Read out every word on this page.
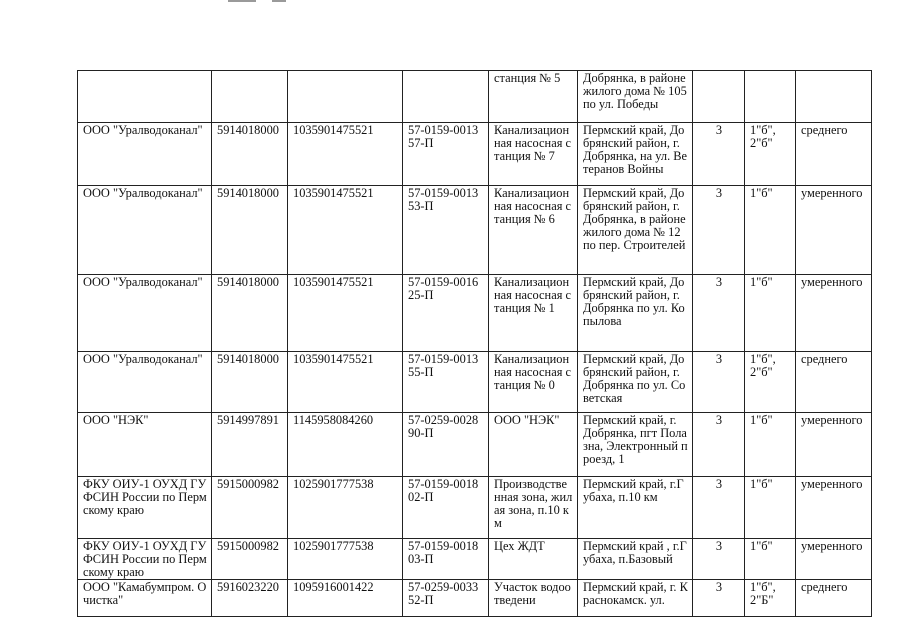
				станция № 5	Добрянка, в районе жилого дома № 105 по ул. Победы			

ООО "Уралводоканал"	5914018000	1035901475521	57-0159-001357-П	Канализационная насосная станция № 7	Пермский край, Добрянский район, г. Добрянка, на ул. Ветеранов Войны	3	1"б", 2"б"	среднего

ООО "Уралводоканал"	5914018000	1035901475521	57-0159-001353-П	Канализационная насосная станция № 6	Пермский край, Добрянский район, г. Добрянка, в районе жилого дома № 12 по пер. Строителей	3	1"б"	умеренного

ООО "Уралводоканал"	5914018000	1035901475521	57-0159-001625-П	Канализационная насосная станция № 1	Пермский край, Добрянский район, г. Добрянка по ул. Копылова	3	1"б"	умеренного

ООО "Уралводоканал"	5914018000	1035901475521	57-0159-001355-П	Канализационная насосная станция № 0	Пермский край, Добрянский район, г. Добрянка по ул. Советская	3	1"б", 2"б"	среднего

ООО "НЭК"	5914997891	1145958084260	57-0259-002890-П	ООО "НЭК"	Пермский край, г. Добрянка, пгт Полазна, Электронный проезд, 1	3	1"б"	умеренного

ФКУ ОИУ-1 ОУХД ГУФСИН России по Пермскому краю	5915000982	1025901777538	57-0159-001802-П	Производственная зона, жилая зона, п.10 км	Пермский край, г.Губаха, п.10 км	3	1"б"	умеренного

ФКУ ОИУ-1 ОУХД ГУФСИН России по Пермскому краю	5915000982	1025901777538	57-0159-001803-П	Цех ЖДТ	Пермский край , г.Губаха, п.Базовый	3	1"б"	умеренного

ООО "Камабумпром. Очистка"	5916023220	1095916001422	57-0259-003352-П	Участок водоотведени	Пермский край, г. Краснокамск. ул.	3	1"б", 2"Б"	среднего
